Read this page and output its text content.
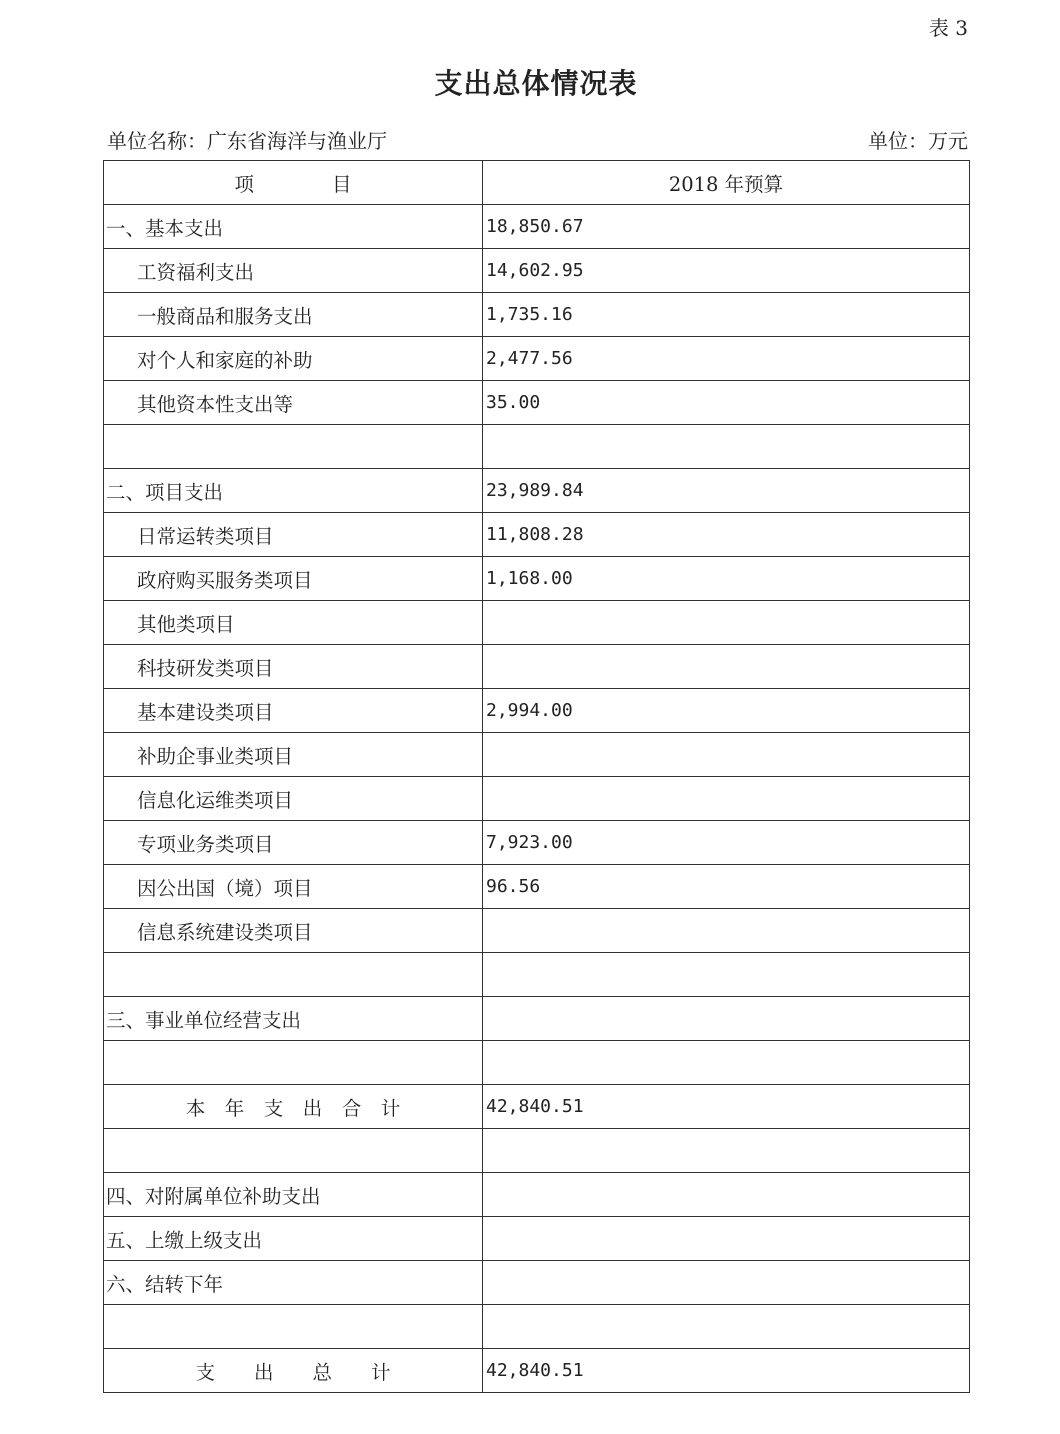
表 3
支出总体情况表
单位名称：广东省海洋与渔业厅	单位：万元
项　　　　目	2018 年预算
一、基本支出	18,850.67
工资福利支出	14,602.95
一般商品和服务支出	1,735.16
对个人和家庭的补助	2,477.56
其他资本性支出等	35.00

二、项目支出	23,989.84
日常运转类项目	11,808.28
政府购买服务类项目	1,168.00
其他类项目	
科技研发类项目	
基本建设类项目	2,994.00
补助企事业类项目	
信息化运维类项目	
专项业务类项目	7,923.00
因公出国（境）项目	96.56
信息系统建设类项目	

三、事业单位经营支出	

本　年　支　出　合　计	42,840.51

四、对附属单位补助支出	
五、上缴上级支出	
六、结转下年	

支　　出　　总　　计	42,840.51
